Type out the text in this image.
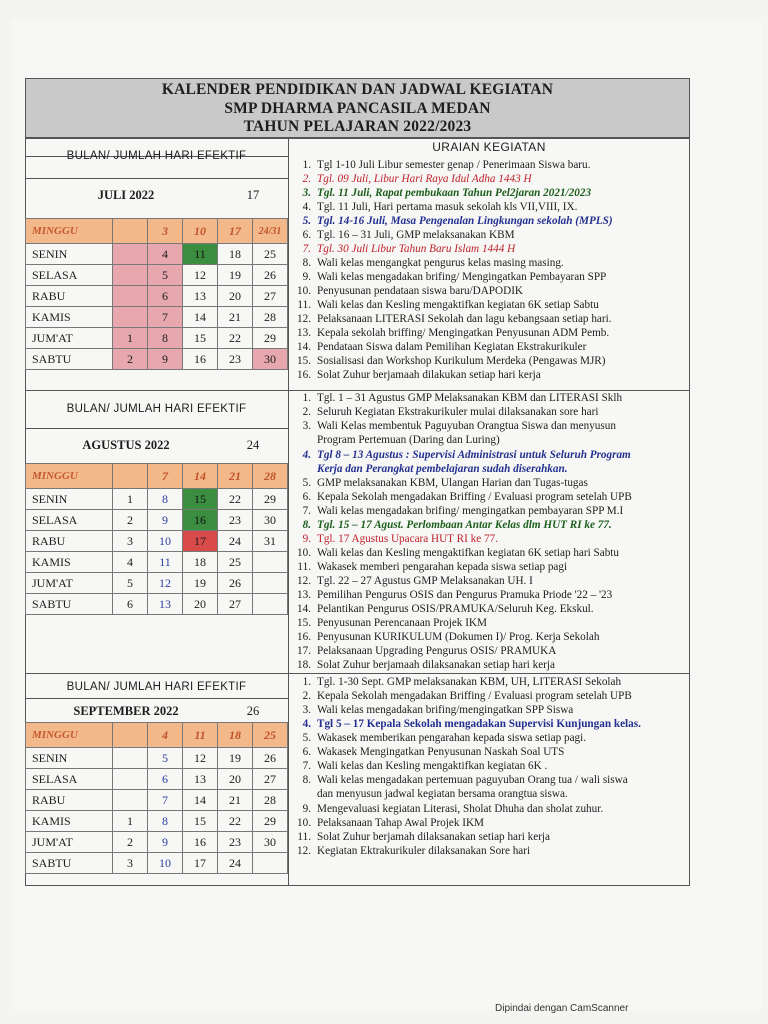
KALENDER PENDIDIKAN DAN JADWAL KEGIATAN
SMP DHARMA PANCASILA MEDAN
TAHUN PELAJARAN 2022/2023
URAIAN KEGIATAN
BULAN/ JUMLAH HARI EFEKTIF
JULI 2022	17
MINGGU		3	10	17	24/31
SENIN		4	11	18	25
SELASA		5	12	19	26
RABU		6	13	20	27
KAMIS		7	14	21	28
JUM'AT	1	8	15	22	29
SABTU	2	9	16	23	30
BULAN/ JUMLAH HARI EFEKTIF
AGUSTUS 2022	24
MINGGU		7	14	21	28
SENIN	1	8	15	22	29
SELASA	2	9	16	23	30
RABU	3	10	17	24	31
KAMIS	4	11	18	25	
JUM'AT	5	12	19	26	
SABTU	6	13	20	27	
BULAN/ JUMLAH HARI EFEKTIF
SEPTEMBER 2022	26
MINGGU		4	11	18	25
SENIN		5	12	19	26
SELASA		6	13	20	27
RABU		7	14	21	28
KAMIS	1	8	15	22	29
JUM'AT	2	9	16	23	30
SABTU	3	10	17	24	
1. Tgl 1-10 Juli Libur semester genap / Penerimaan Siswa baru.
2. Tgl. 09 Juli, Libur Hari Raya Idul Adha 1443 H
3. Tgl. 11 Juli, Rapat pembukaan Tahun Pel2jaran 2021/2023
4. Tgl. 11 Juli, Hari pertama masuk sekolah kls VII,VIII, IX.
5. Tgl. 14-16 Juli, Masa Pengenalan Lingkungan sekolah (MPLS)
6. Tgl. 16 – 31 Juli, GMP melaksanakan KBM
7. Tgl. 30 Juli Libur Tahun Baru Islam 1444 H
8. Wali kelas mengangkat pengurus kelas masing masing.
9. Wali kelas mengadakan brifing/ Mengingatkan Pembayaran SPP
10. Penyusunan pendataan siswa baru/DAPODIK
11. Wali kelas dan Kesling mengaktifkan kegiatan 6K setiap Sabtu
12. Pelaksanaan LITERASI Sekolah dan lagu kebangsaan setiap hari.
13. Kepala sekolah briffing/ Mengingatkan Penyusunan ADM Pemb.
14. Pendataan Siswa dalam Pemilihan Kegiatan Ekstrakurikuler
15. Sosialisasi dan Workshop Kurikulum Merdeka (Pengawas MJR)
16. Solat Zuhur berjamaah dilakukan setiap hari kerja
1. Tgl. 1 – 31 Agustus GMP Melaksanakan KBM dan LITERASI Sklh
2. Seluruh Kegiatan Ekstrakurikuler mulai dilaksanakan sore hari
3. Wali Kelas membentuk Paguyuban Orangtua Siswa dan menyusun
Program Pertemuan (Daring dan Luring)
4. Tgl 8 – 13 Agustus : Supervisi Administrasi untuk Seluruh Program
Kerja dan Perangkat pembelajaran sudah diserahkan.
5. GMP melaksanakan KBM, Ulangan Harian dan Tugas-tugas
6. Kepala Sekolah mengadakan Briffing / Evaluasi program setelah UPB
7. Wali kelas mengadakan brifing/ mengingatkan pembayaran SPP M.I
8. Tgl. 15 – 17 Agust. Perlombaan Antar Kelas dlm HUT RI ke 77.
9. Tgl. 17 Agustus Upacara HUT RI ke 77.
10. Wali kelas dan Kesling mengaktifkan kegiatan 6K setiap hari Sabtu
11. Wakasek memberi pengarahan kepada siswa setiap pagi
12. Tgl. 22 – 27 Agustus GMP Melaksanakan UH. I
13. Pemilihan Pengurus OSIS dan Pengurus Pramuka Priode '22 – '23
14. Pelantikan Pengurus OSIS/PRAMUKA/Seluruh Keg. Ekskul.
15. Penyusunan Perencanaan Projek IKM
16. Penyusunan KURIKULUM (Dokumen I)/ Prog. Kerja Sekolah
17. Pelaksanaan Upgrading Pengurus OSIS/ PRAMUKA
18. Solat Zuhur berjamaah dilaksanakan setiap hari kerja
1. Tgl. 1-30 Sept. GMP melaksanakan KBM, UH, LITERASI Sekolah
2. Kepala Sekolah mengadakan Briffing / Evaluasi program setelah UPB
3. Wali kelas mengadakan brifing/mengingatkan SPP Siswa
4. Tgl 5 – 17 Kepala Sekolah mengadakan Supervisi Kunjungan kelas.
5. Wakasek memberikan pengarahan kepada siswa setiap pagi.
6. Wakasek Mengingatkan Penyusunan Naskah Soal UTS
7. Wali kelas dan Kesling mengaktifkan kegiatan 6K .
8. Wali kelas mengadakan pertemuan paguyuban Orang tua / wali siswa
dan menyusun jadwal kegiatan bersama orangtua siswa.
9. Mengevaluasi kegiatan Literasi, Sholat Dhuha dan sholat zuhur.
10. Pelaksanaan Tahap Awal Projek IKM
11. Solat Zuhur berjamah dilaksanakan setiap hari kerja
12. Kegiatan Ektrakurikuler dilaksanakan Sore hari
Dipindai dengan CamScanner
